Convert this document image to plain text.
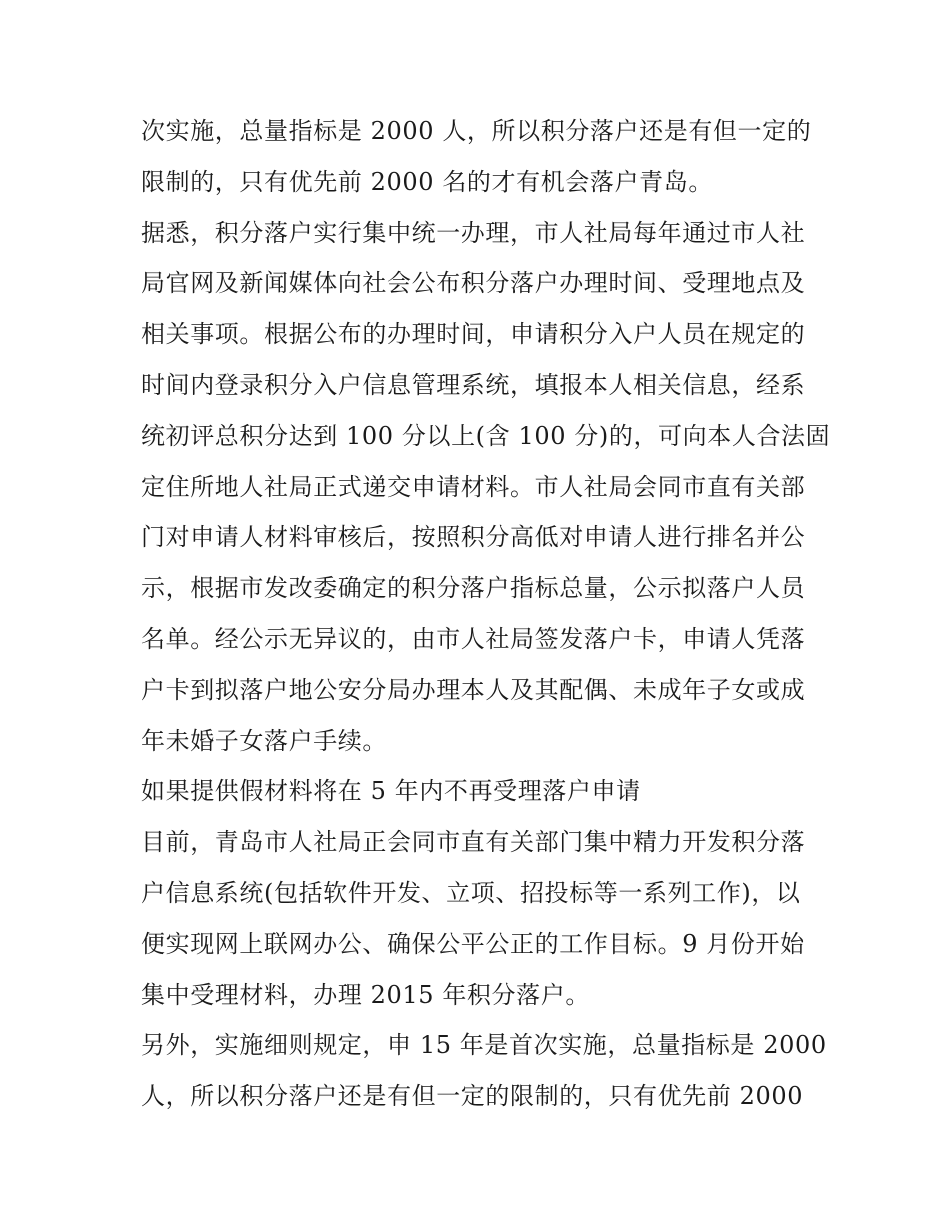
次实施，总量指标是 2000 人，所以积分落户还是有但一定的
限制的，只有优先前 2000 名的才有机会落户青岛。
据悉，积分落户实行集中统一办理，市人社局每年通过市人社
局官网及新闻媒体向社会公布积分落户办理时间、受理地点及
相关事项。根据公布的办理时间，申请积分入户人员在规定的
时间内登录积分入户信息管理系统，填报本人相关信息，经系
统初评总积分达到 100 分以上(含 100 分)的，可向本人合法固
定住所地人社局正式递交申请材料。市人社局会同市直有关部
门对申请人材料审核后，按照积分高低对申请人进行排名并公
示，根据市发改委确定的积分落户指标总量，公示拟落户人员
名单。经公示无异议的，由市人社局签发落户卡，申请人凭落
户卡到拟落户地公安分局办理本人及其配偶、未成年子女或成
年未婚子女落户手续。
如果提供假材料将在 5 年内不再受理落户申请
目前，青岛市人社局正会同市直有关部门集中精力开发积分落
户信息系统(包括软件开发、立项、招投标等一系列工作)，以
便实现网上联网办公、确保公平公正的工作目标。9 月份开始
集中受理材料，办理 2015 年积分落户。
另外，实施细则规定，申 15 年是首次实施，总量指标是 2000
人，所以积分落户还是有但一定的限制的，只有优先前 2000
